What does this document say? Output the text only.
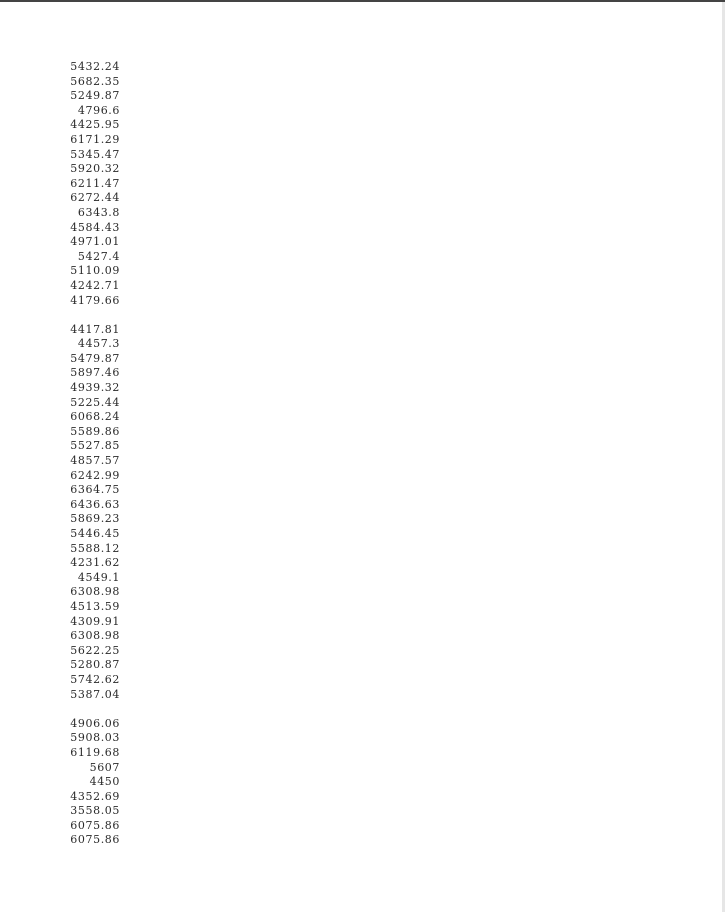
5432.24
5682.35
5249.87
4796.6
4425.95
6171.29
5345.47
5920.32
6211.47
6272.44
6343.8
4584.43
4971.01
5427.4
5110.09
4242.71
4179.66
4417.81
4457.3
5479.87
5897.46
4939.32
5225.44
6068.24
5589.86
5527.85
4857.57
6242.99
6364.75
6436.63
5869.23
5446.45
5588.12
4231.62
4549.1
6308.98
4513.59
4309.91
6308.98
5622.25
5280.87
5742.62
5387.04
4906.06
5908.03
6119.68
5607
4450
4352.69
3558.05
6075.86
6075.86
